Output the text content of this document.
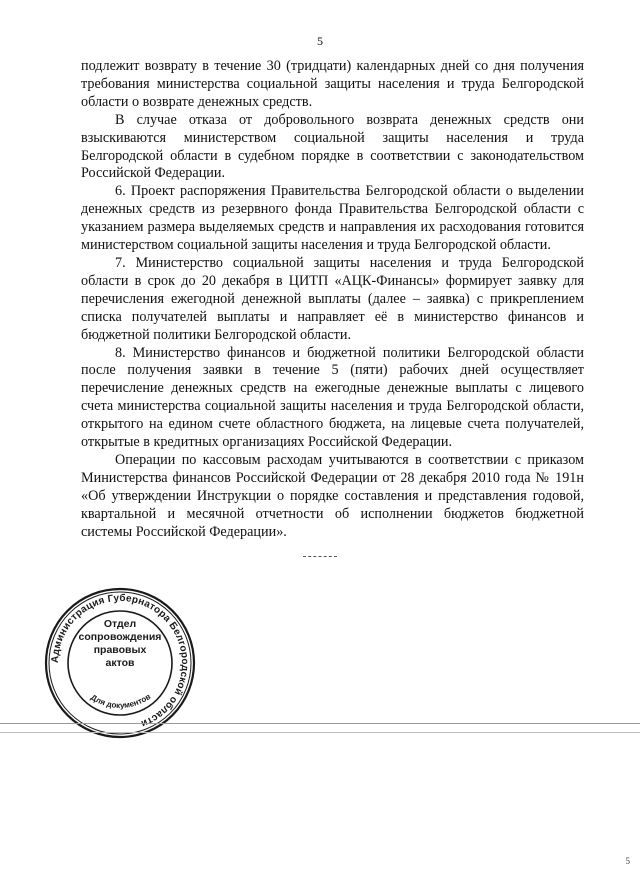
5

подлежит возврату в течение 30 (тридцати) календарных дней со дня получения требования министерства социальной защиты населения и труда Белгородской области о возврате денежных средств.

В случае отказа от добровольного возврата денежных средств они взыскиваются министерством социальной защиты населения и труда Белгородской области в судебном порядке в соответствии с законодательством Российской Федерации.

6. Проект распоряжения Правительства Белгородской области о выделении денежных средств из резервного фонда Правительства Белгородской области с указанием размера выделяемых средств и направления их расходования готовится министерством социальной защиты населения и труда Белгородской области.

7. Министерство социальной защиты населения и труда Белгородской области в срок до 20 декабря в ЦИТП «АЦК-Финансы» формирует заявку для перечисления ежегодной денежной выплаты (далее – заявка) с прикреплением списка получателей выплаты и направляет её в министерство финансов и бюджетной политики Белгородской области.

8. Министерство финансов и бюджетной политики Белгородской области после получения заявки в течение 5 (пяти) рабочих дней осуществляет перечисление денежных средств на ежегодные денежные выплаты с лицевого счета министерства социальной защиты населения и труда Белгородской области, открытого на едином счете областного бюджета, на лицевые счета получателей, открытые в кредитных организациях Российской Федерации.

Операции по кассовым расходам учитываются в соответствии с приказом Министерства финансов Российской Федерации от 28 декабря 2010 года № 191н «Об утверждении Инструкции о порядке составления и представления годовой, квартальной и месячной отчетности об исполнении бюджетов бюджетной системы Российской Федерации».

Администрация Губернатора Белгородской области
Для документов
Отдел
сопровождения
правовых
актов
5
